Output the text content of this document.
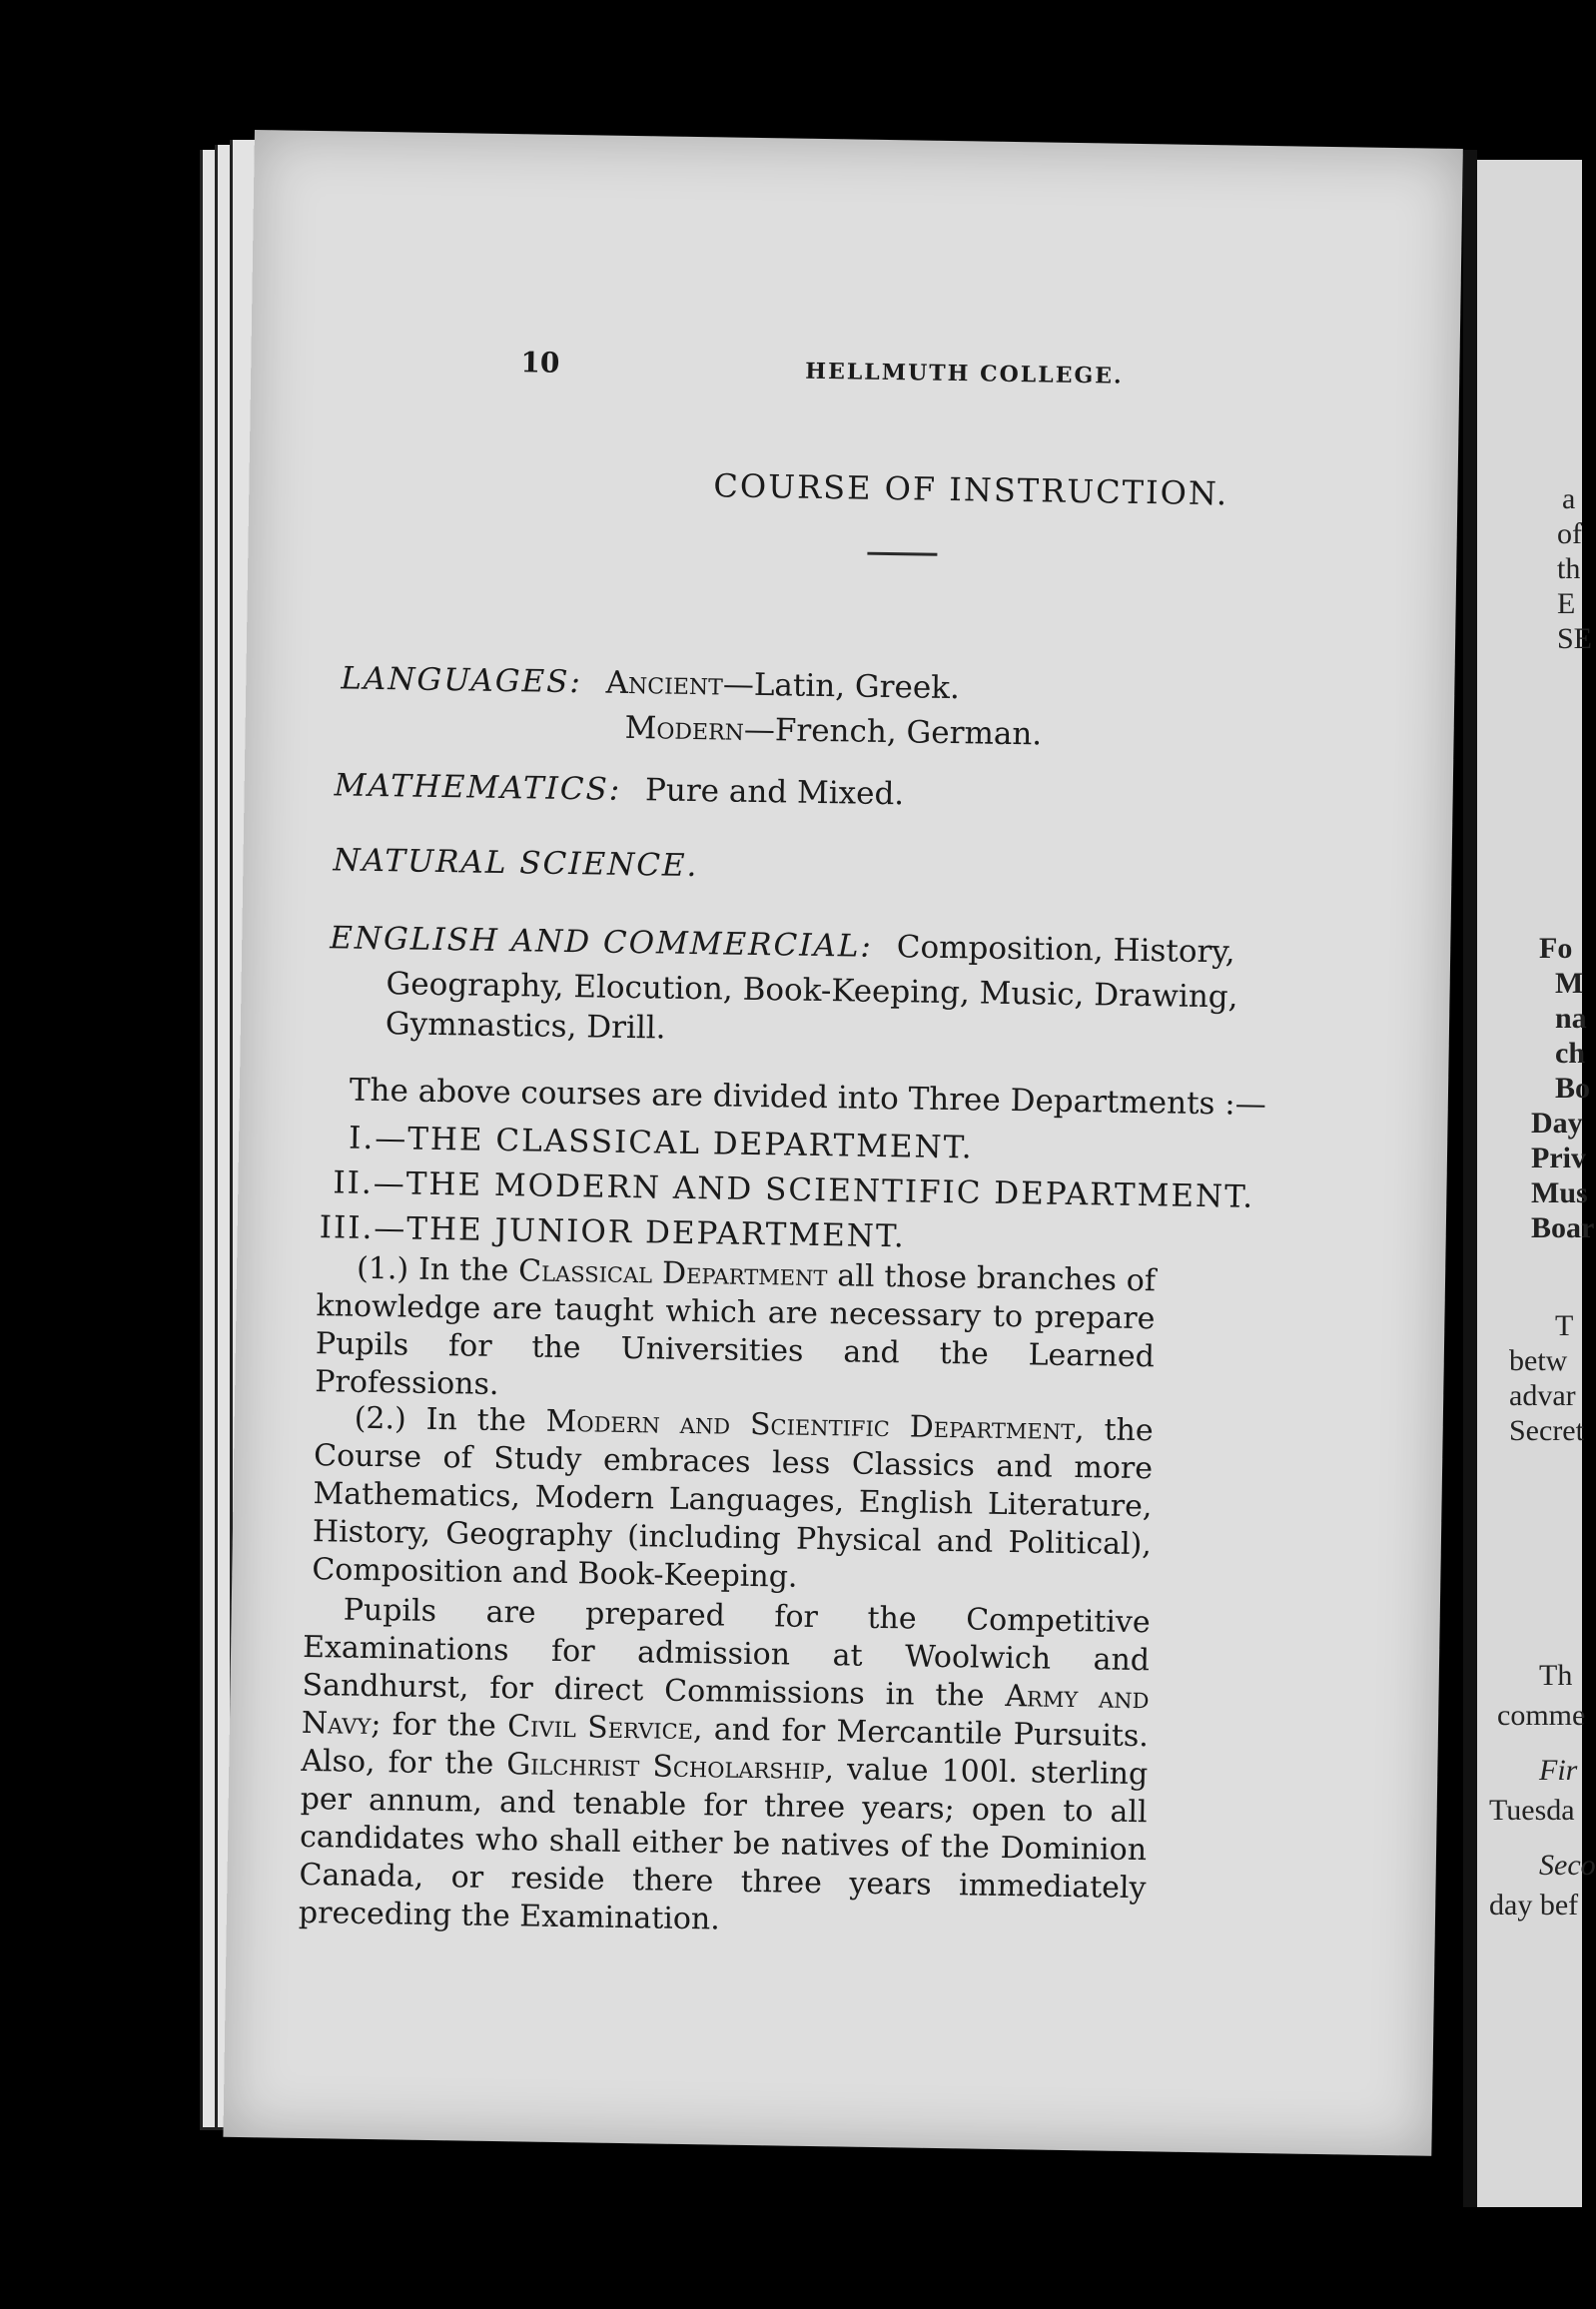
a
of
th
E
SE
Fo
M
na
ch
Bo
Day
Priv
Mus
Boar
T
betw
advar
Secret
Th
comme
Fir
Tuesda
Seco
day bef
10	HELLMUTH COLLEGE.
COURSE OF INSTRUCTION.
LANGUAGES: Ancient—Latin, Greek.
Modern—French, German.
MATHEMATICS: Pure and Mixed.
NATURAL SCIENCE.
ENGLISH AND COMMERCIAL: Composition, History,
Geography, Elocution, Book-Keeping, Music, Drawing,
Gymnastics, Drill.
The above courses are divided into Three Departments :—
I.—THE CLASSICAL DEPARTMENT.
II.—THE MODERN AND SCIENTIFIC DEPARTMENT.
III.—THE JUNIOR DEPARTMENT.

(1.) In the Classical Department all those branches of knowledge are taught which are necessary to prepare Pupils for the Universities and the Learned Professions.

(2.) In the Modern and Scientific Department, the Course of Study embraces less Classics and more Mathematics, Modern Languages, English Literature, History, Geography (including Physical and Political), Composition and Book-Keeping.

Pupils are prepared for the Competitive Examinations for admission at Woolwich and Sandhurst, for direct Commissions in the Army and Navy; for the Civil Service, and for Mercantile Pursuits. Also, for the Gilchrist Scholarship, value 100l. sterling per annum, and tenable for three years; open to all candidates who shall either be natives of the Dominion Canada, or reside there three years immediately preceding the Examination.
